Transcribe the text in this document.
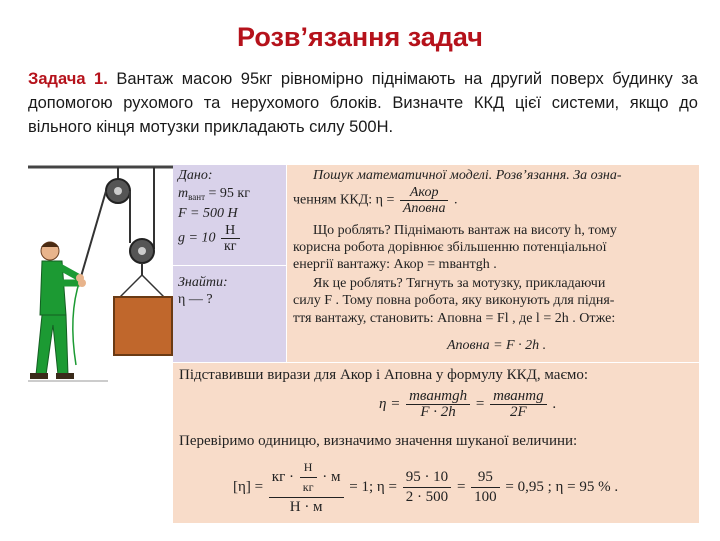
Розв’язання задач
Задача 1. Вантаж масою 95кг рівномірно піднімають на другий поверх будинку за допомогою рухомого та нерухомого блоків. Визначте ККД цієї системи, якщо до вільного кінця мотузки прикладають силу 500Н.
Дано:
$m_{вант} = 95$ кг
F = 500 Н
$g = 10 \frac{Н}{кг}$
Знайти:
η — ?
Пошук математичної моделі. Розв’язання. За озна-
ченням ККД: $\eta = \frac{\text{Aкор}}{\text{Aповна}}$ .
Що роблять? Піднімають вантаж на висоту h, тому
корисна робота дорівнює збільшенню потенціальної
енергії вантажу: Aкор = mвантgh .
Як це роблять? Тягнуть за мотузку, прикладаючи
силу F . Тому повна робота, яку виконують для підня-
ття вантажу, становить: Aповна = Fl , де l = 2h . Отже:
Aповна = F · 2h .
Підставивши вирази для Aкор і Aповна у формулу ККД, маємо:
$\eta = \frac{\text{mвантgh}}{F \cdot 2h} = \frac{\text{mвантg}}{2F}$ .
Перевіримо одиницю, визначимо значення шуканої величини:
$[\eta] = \frac{кг \cdot \frac{Н}{кг} \cdot м}{Н \cdot м} = 1$; $\eta = \frac{95 \cdot 10}{2 \cdot 500} = \frac{95}{100} = 0,95$ ; η = 95 % .
